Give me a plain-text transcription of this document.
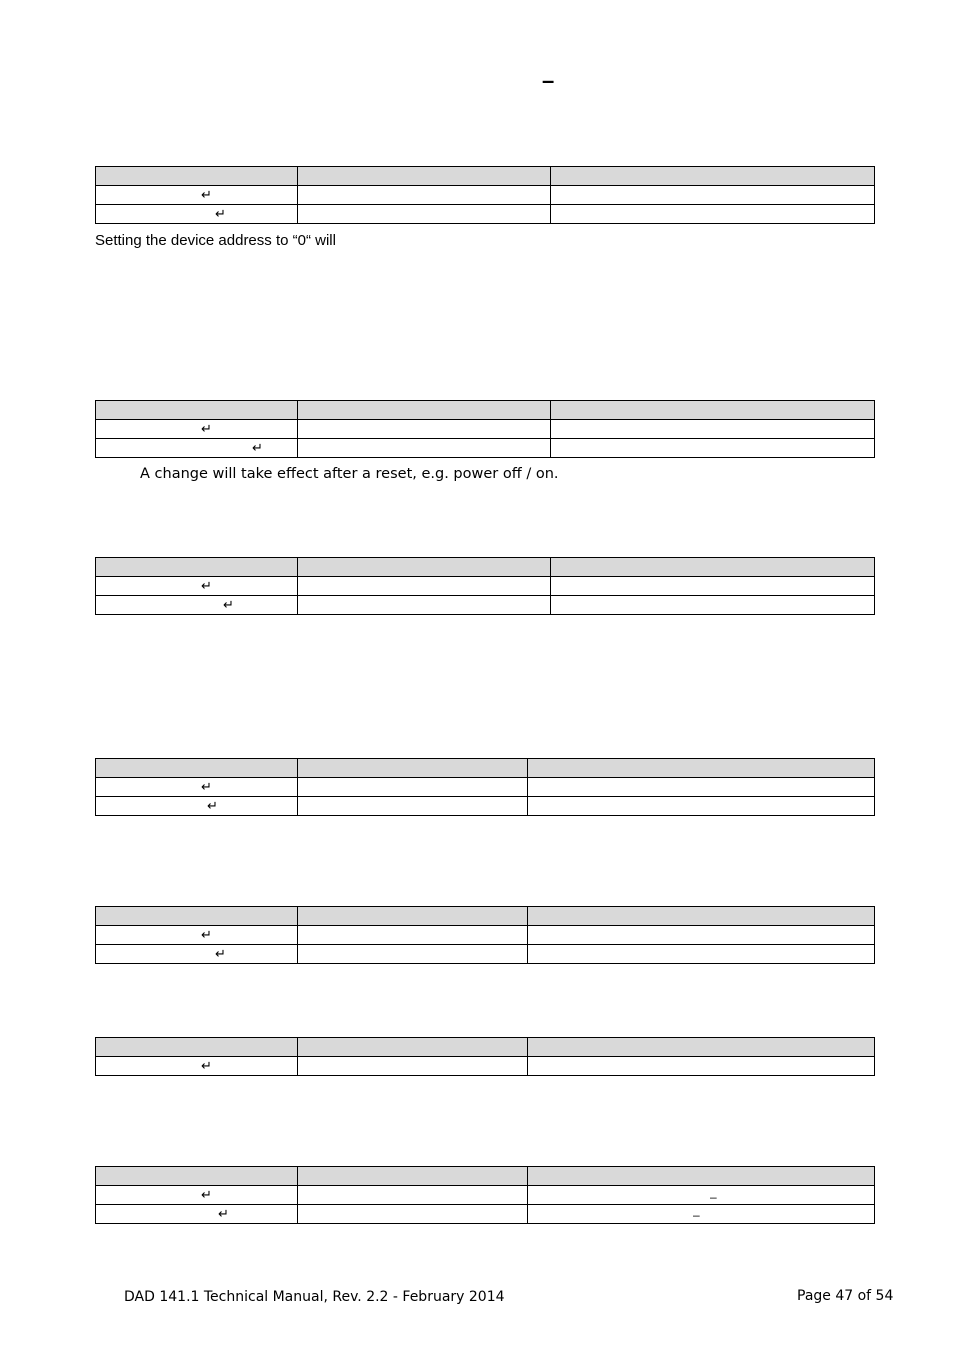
–

↵		

↵		

Setting the device address to “0“ will

↵		

↵		

A change will take effect after a reset, e.g. power off / on.

↵		

↵		

↵		

↵		

↵		

↵		

↵		

↵		–

↵		–
DAD 141.1 Technical Manual, Rev. 2.2 - February 2014	Page 47 of 54
